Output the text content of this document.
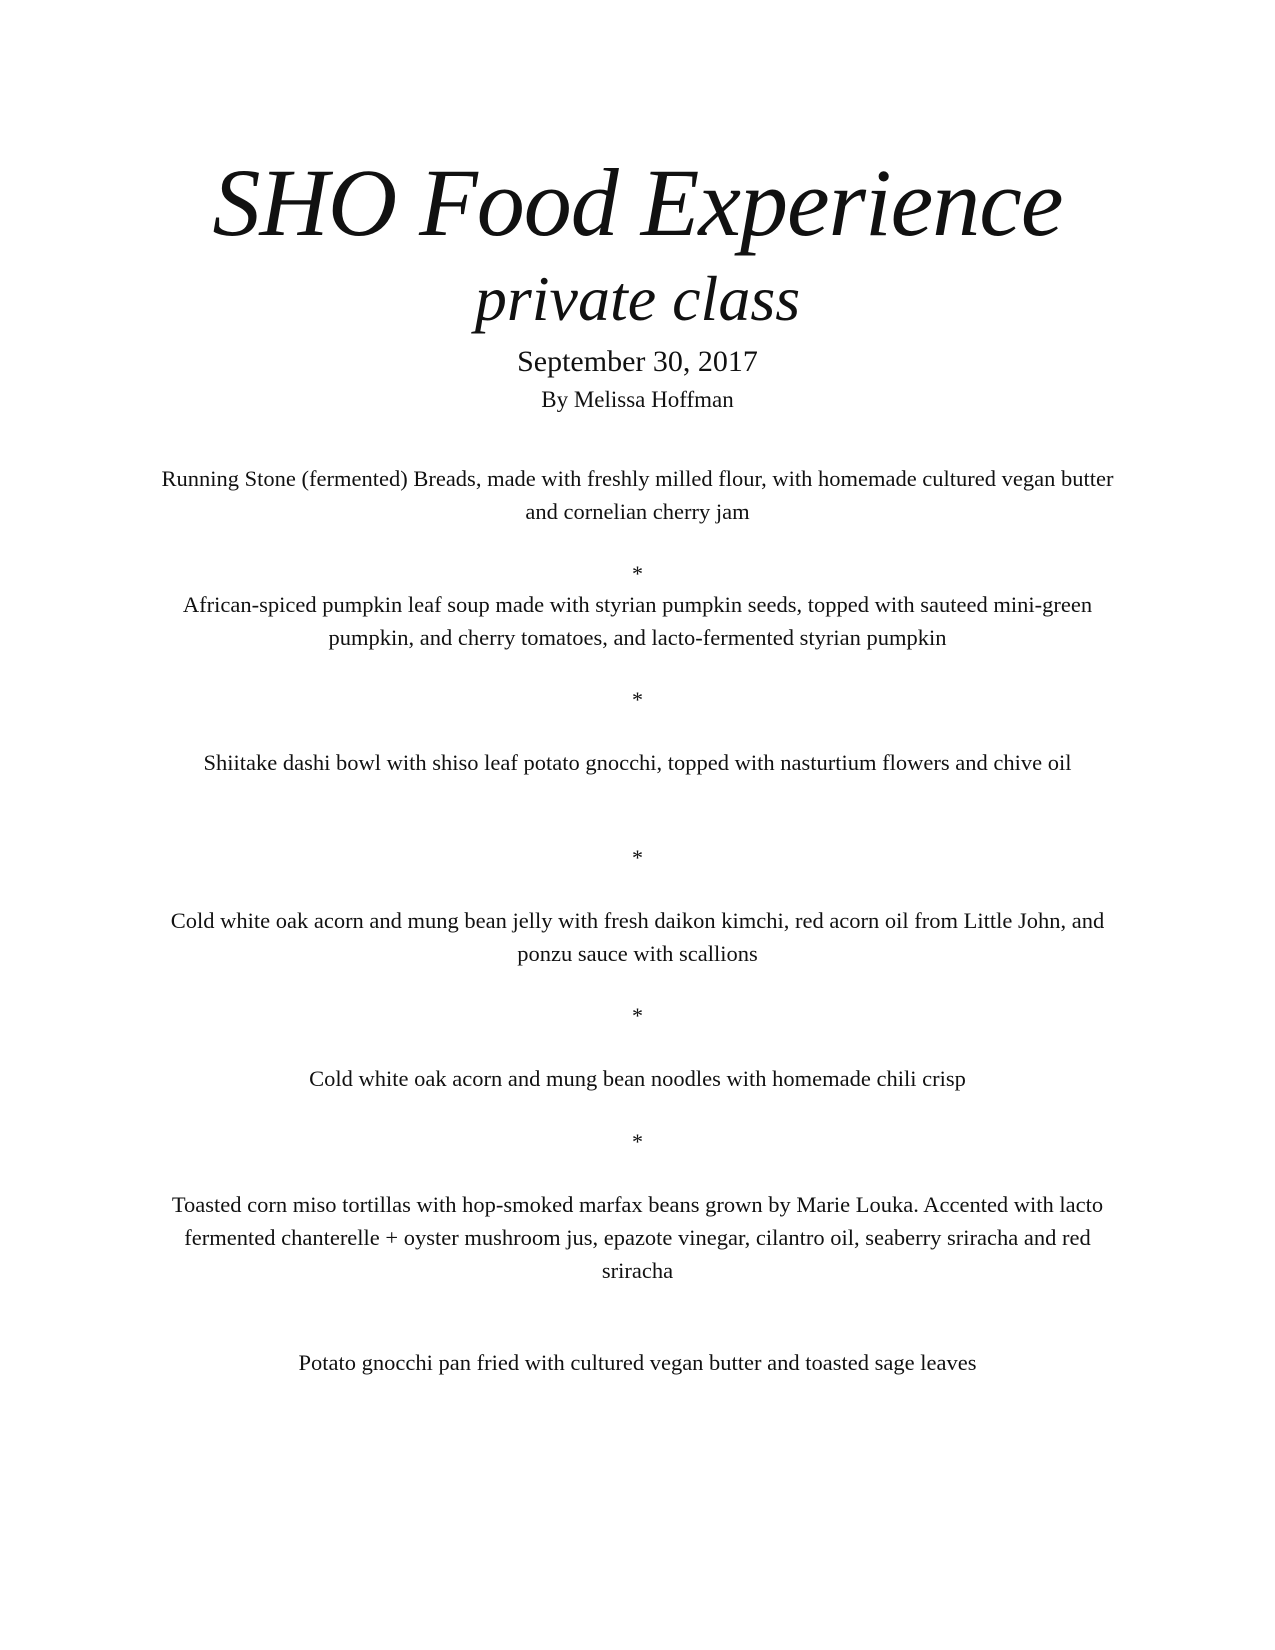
SHO Food Experience
private class
September 30, 2017
By Melissa Hoffman
Running Stone (fermented) Breads, made with freshly milled flour, with homemade cultured vegan butter and cornelian cherry jam
*
African-spiced pumpkin leaf soup made with styrian pumpkin seeds, topped with sauteed mini-green pumpkin, and cherry tomatoes, and lacto-fermented styrian pumpkin
*
Shiitake dashi bowl with shiso leaf potato gnocchi, topped with nasturtium flowers and chive oil
*
Cold white oak acorn and mung bean jelly with fresh daikon kimchi, red acorn oil from Little John, and ponzu sauce with scallions
*
Cold white oak acorn and mung bean noodles with homemade chili crisp
*
Toasted corn miso tortillas with hop-smoked marfax beans grown by Marie Louka. Accented with lacto fermented chanterelle + oyster mushroom jus, epazote vinegar, cilantro oil, seaberry sriracha and red sriracha
Potato gnocchi pan fried with cultured vegan butter and toasted sage leaves
